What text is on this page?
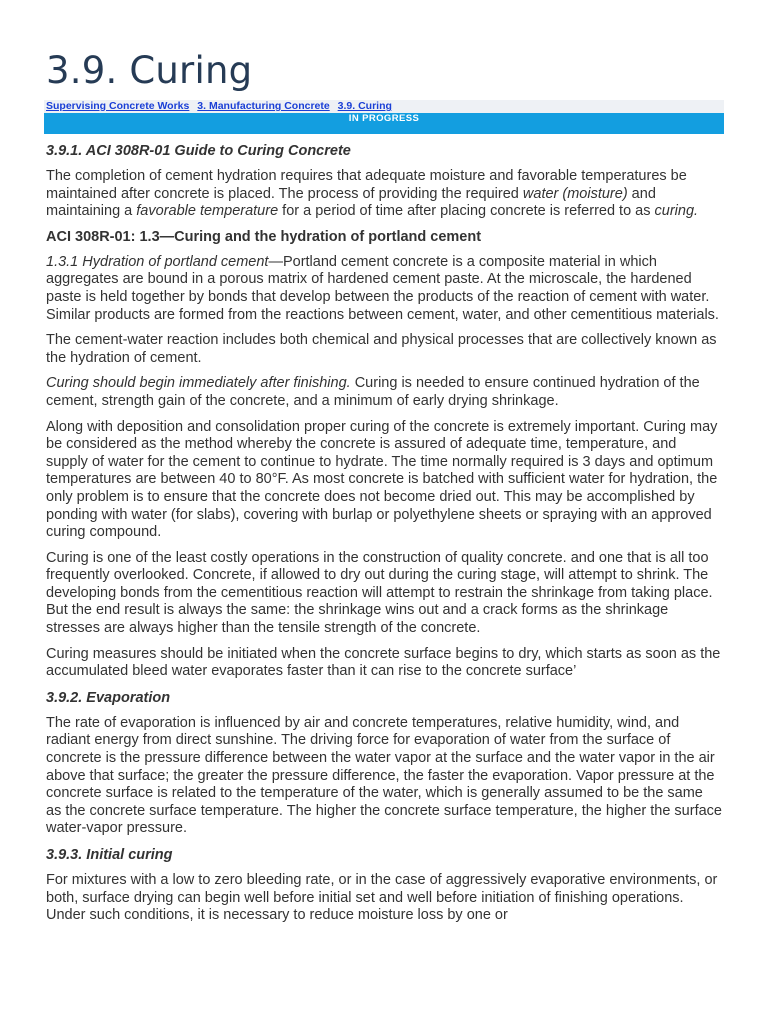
3.9. Curing
Supervising Concrete Works 3. Manufacturing Concrete 3.9. Curing
IN PROGRESS
3.9.1. ACI 308R-01 Guide to Curing Concrete

The completion of cement hydration requires that adequate moisture and favorable temperatures be maintained after concrete is placed. The process of providing the required water (moisture) and maintaining a favorable temperature for a period of time after placing concrete is referred to as curing.

ACI 308R-01: 1.3—Curing and the hydration of portland cement

1.3.1 Hydration of portland cement—Portland cement concrete is a composite material in which aggregates are bound in a porous matrix of hardened cement paste. At the microscale, the hardened paste is held together by bonds that develop between the products of the reaction of cement with water. Similar products are formed from the reactions between cement, water, and other cementitious materials.

The cement-water reaction includes both chemical and physical processes that are collectively known as the hydration of cement.

Curing should begin immediately after finishing. Curing is needed to ensure continued hydration of the cement, strength gain of the concrete, and a minimum of early drying shrinkage.

Along with deposition and consolidation proper curing of the concrete is extremely important. Curing may be considered as the method whereby the concrete is assured of adequate time, temperature, and supply of water for the cement to continue to hydrate. The time normally required is 3 days and optimum temperatures are between 40 to 80°F. As most concrete is batched with sufficient water for hydration, the only problem is to ensure that the concrete does not become dried out. This may be accomplished by ponding with water (for slabs), covering with burlap or polyethylene sheets or spraying with an approved curing compound.

Curing is one of the least costly operations in the construction of quality concrete. and one that is all too frequently overlooked. Concrete, if allowed to dry out during the curing stage, will attempt to shrink. The developing bonds from the cementitious reaction will attempt to restrain the shrinkage from taking place. But the end result is always the same: the shrinkage wins out and a crack forms as the shrinkage stresses are always higher than the tensile strength of the concrete.

Curing measures should be initiated when the concrete surface begins to dry, which starts as soon as the accumulated bleed water evaporates faster than it can rise to the concrete surface’

3.9.2. Evaporation

The rate of evaporation is influenced by air and concrete temperatures, relative humidity, wind, and radiant energy from direct sunshine. The driving force for evaporation of water from the surface of concrete is the pressure difference between the water vapor at the surface and the water vapor in the air above that surface; the greater the pressure difference, the faster the evaporation. Vapor pressure at the concrete surface is related to the temperature of the water, which is generally assumed to be the same as the concrete surface temperature. The higher the concrete surface temperature, the higher the surface water-vapor pressure.

3.9.3. Initial curing

For mixtures with a low to zero bleeding rate, or in the case of aggressively evaporative environments, or both, surface drying can begin well before initial set and well before initiation of finishing operations. Under such conditions, it is necessary to reduce moisture loss by one or
